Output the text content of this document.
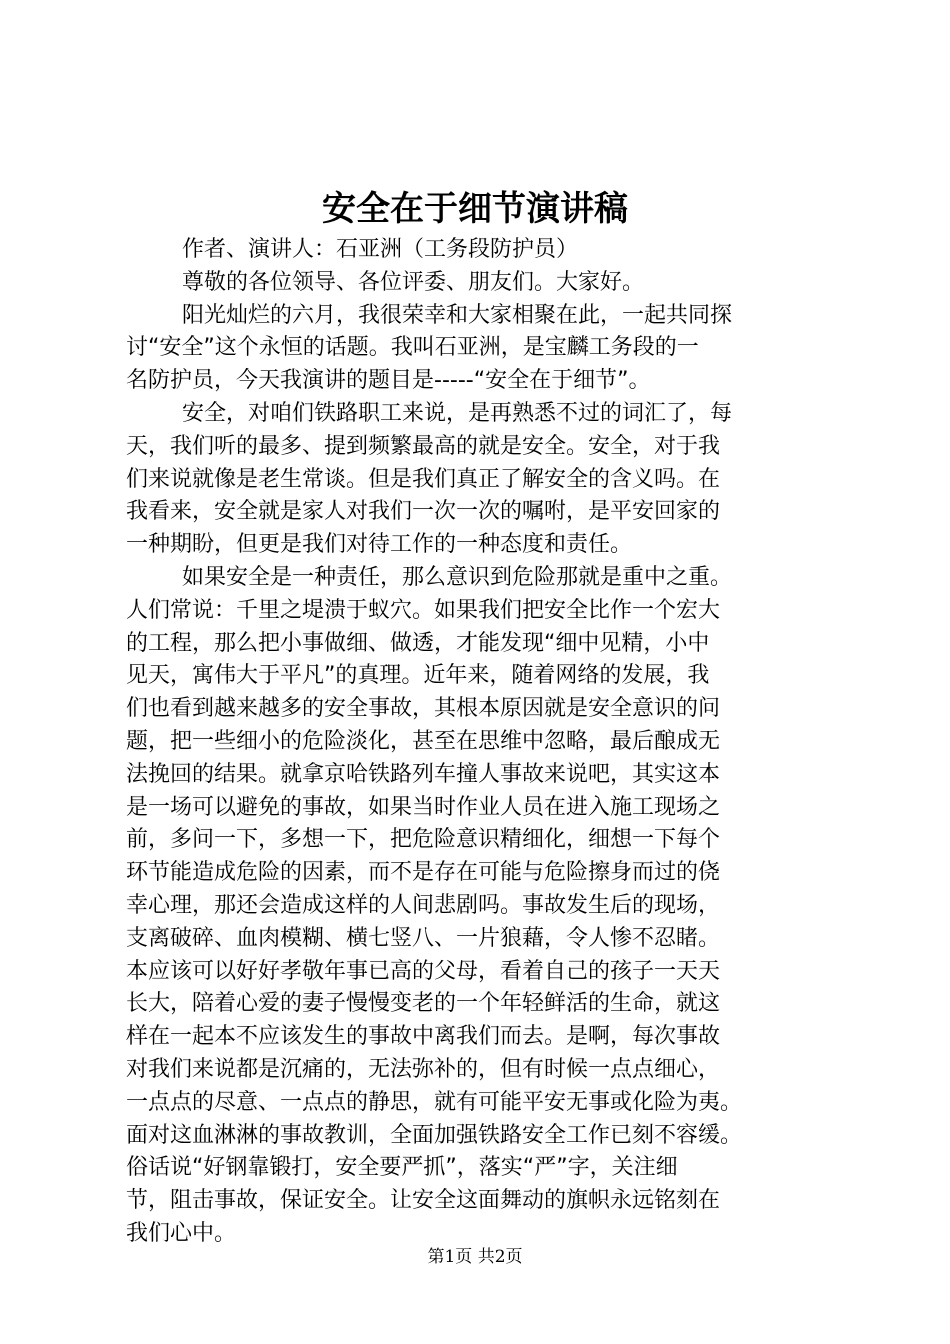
安全在于细节演讲稿
作者、演讲人：石亚洲（工务段防护员）
尊敬的各位领导、各位评委、朋友们。大家好。
阳光灿烂的六月，我很荣幸和大家相聚在此，一起共同探
讨“安全”这个永恒的话题。我叫石亚洲，是宝麟工务段的一
名防护员，今天我演讲的题目是-----“安全在于细节”。
安全，对咱们铁路职工来说，是再熟悉不过的词汇了，每
天，我们听的最多、提到频繁最高的就是安全。安全，对于我
们来说就像是老生常谈。但是我们真正了解安全的含义吗。在
我看来，安全就是家人对我们一次一次的嘱咐，是平安回家的
一种期盼，但更是我们对待工作的一种态度和责任。
如果安全是一种责任，那么意识到危险那就是重中之重。
人们常说：千里之堤溃于蚁穴。如果我们把安全比作一个宏大
的工程，那么把小事做细、做透，才能发现“细中见精，小中
见天，寓伟大于平凡”的真理。近年来，随着网络的发展，我
们也看到越来越多的安全事故，其根本原因就是安全意识的问
题，把一些细小的危险淡化，甚至在思维中忽略，最后酿成无
法挽回的结果。就拿京哈铁路列车撞人事故来说吧，其实这本
是一场可以避免的事故，如果当时作业人员在进入施工现场之
前，多问一下，多想一下，把危险意识精细化，细想一下每个
环节能造成危险的因素，而不是存在可能与危险擦身而过的侥
幸心理，那还会造成这样的人间悲剧吗。事故发生后的现场，
支离破碎、血肉模糊、横七竖八、一片狼藉，令人惨不忍睹。
本应该可以好好孝敬年事已高的父母，看着自己的孩子一天天
长大，陪着心爱的妻子慢慢变老的一个年轻鲜活的生命，就这
样在一起本不应该发生的事故中离我们而去。是啊，每次事故
对我们来说都是沉痛的，无法弥补的，但有时候一点点细心，
一点点的尽意、一点点的静思，就有可能平安无事或化险为夷。
面对这血淋淋的事故教训，全面加强铁路安全工作已刻不容缓。
俗话说“好钢靠锻打，安全要严抓”，落实“严”字，关注细
节，阻击事故，保证安全。让安全这面舞动的旗帜永远铭刻在
我们心中。
第1页 共2页
